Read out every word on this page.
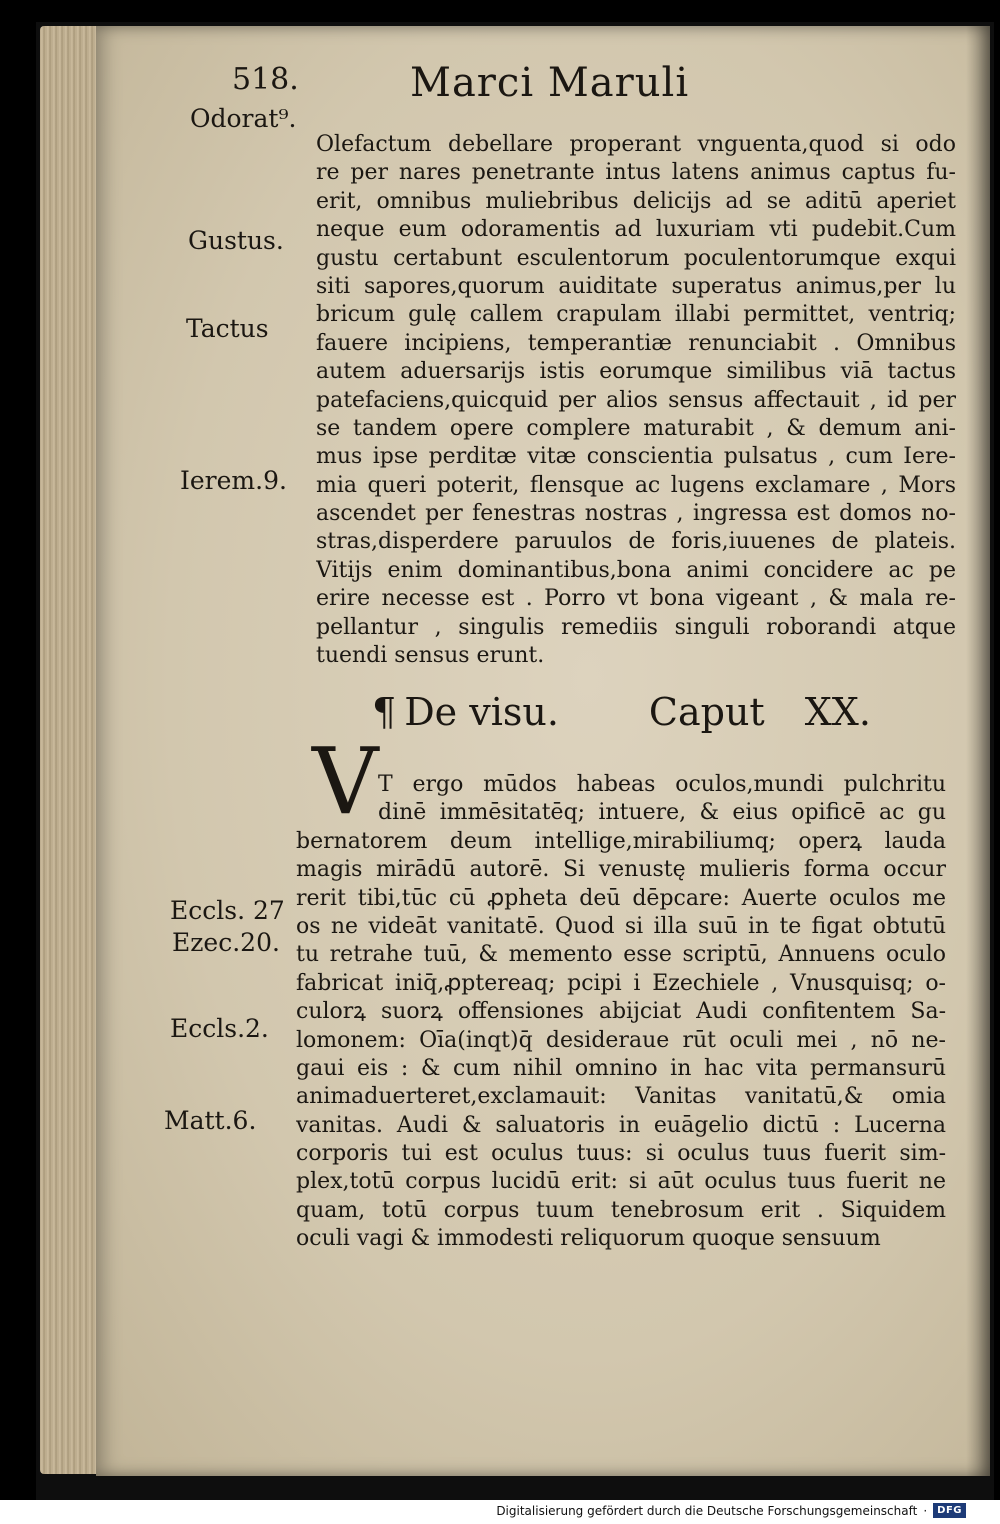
518.	Marci Maruli
Odorat⁹.
Gustus.
Tactus
Ierem.9.
Eccls. 27
Ezec.20.
Eccls.2.
Matt.6.
Olefactum debellare properant vnguenta,quod si odo
re per nares penetrante intus latens animus captus fu-
erit, omnibus muliebribus delicijs ad se aditū aperiet
neque eum odoramentis ad luxuriam vti pudebit.Cum
gustu certabunt esculentorum poculentorumque exqui
siti sapores,quorum auiditate superatus animus,per lu
bricum gulę callem crapulam illabi permittet, ventriq;
fauere incipiens, temperantiæ renunciabit . Omnibus
autem aduersarijs istis eorumque similibus viā tactus
patefaciens,quicquid per alios sensus affectauit , id per
se tandem opere complere maturabit , & demum ani-
mus ipse perditæ vitæ conscientia pulsatus , cum Iere-
mia queri poterit, flensque ac lugens exclamare , Mors
ascendet per fenestras nostras , ingressa est domos no-
stras,disperdere paruulos de foris,iuuenes de plateis.
Vitijs enim dominantibus,bona animi concidere ac pe
erire necesse est . Porro vt bona vigeant , & mala re-
pellantur , singulis remediis singuli roborandi atque
tuendi sensus erunt.
¶ De visu. Caput XX.
V T ergo mūdos habeas oculos,mundi pulchritu
dinē immēsitatēq; intuere, & eius opificē ac gu
bernatorem deum intellige,mirabiliumq; operꝝ lauda
magis mirādū autorē. Si venustę mulieris forma occur
rerit tibi,tūc cū ꝓpheta deū dēpcare: Auerte oculos me
os ne videāt vanitatē. Quod si illa suū in te figat obtutū
tu retrahe tuū, & memento esse scriptū, Annuens oculo
fabricat iniq̄,ꝓptereaq; pcipi i Ezechiele , Vnusquisq; o-
culorꝝ suorꝝ offensiones abijciat Audi confitentem Sa-
lomonem: Oīa(inqt)q̄ desideraue rūt oculi mei , nō ne-
gaui eis : & cum nihil omnino in hac vita permansurū
animaduerteret,exclamauit: Vanitas vanitatū,& omia
vanitas. Audi & saluatoris in euāgelio dictū : Lucerna
corporis tui est oculus tuus: si oculus tuus fuerit sim-
plex,totū corpus lucidū erit: si aūt oculus tuus fuerit ne
quam, totū corpus tuum tenebrosum erit . Siquidem
oculi vagi & immodesti reliquorum quoque sensuum
Digitalisierung gefördert durch die Deutsche Forschungsgemeinschaft ·	DFG
